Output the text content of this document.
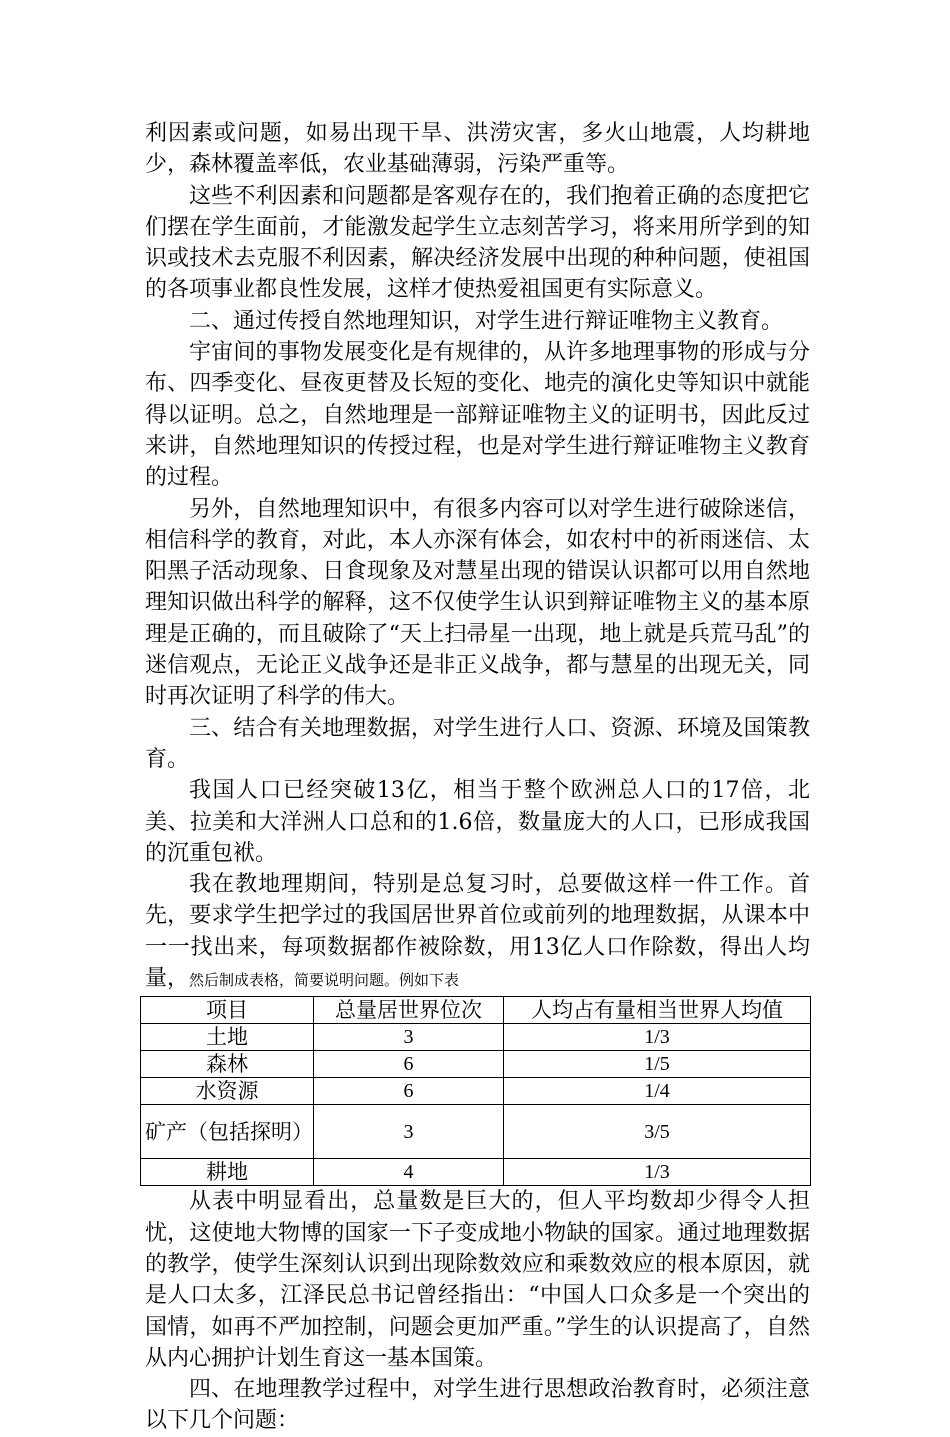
利因素或问题，如易出现干旱、洪涝灾害，多火山地震，人均耕地少，森林覆盖率低，农业基础薄弱，污染严重等。

这些不利因素和问题都是客观存在的，我们抱着正确的态度把它们摆在学生面前，才能激发起学生立志刻苦学习，将来用所学到的知识或技术去克服不利因素，解决经济发展中出现的种种问题，使祖国的各项事业都良性发展，这样才使热爱祖国更有实际意义。

二、通过传授自然地理知识，对学生进行辩证唯物主义教育。

宇宙间的事物发展变化是有规律的，从许多地理事物的形成与分布、四季变化、昼夜更替及长短的变化、地壳的演化史等知识中就能得以证明。总之，自然地理是一部辩证唯物主义的证明书，因此反过来讲，自然地理知识的传授过程，也是对学生进行辩证唯物主义教育的过程。

另外，自然地理知识中，有很多内容可以对学生进行破除迷信，相信科学的教育，对此，本人亦深有体会，如农村中的祈雨迷信、太阳黑子活动现象、日食现象及对慧星出现的错误认识都可以用自然地理知识做出科学的解释，这不仅使学生认识到辩证唯物主义的基本原理是正确的，而且破除了“天上扫帚星一出现，地上就是兵荒马乱”的迷信观点，无论正义战争还是非正义战争，都与慧星的出现无关，同时再次证明了科学的伟大。

三、结合有关地理数据，对学生进行人口、资源、环境及国策教育。

我国人口已经突破13亿，相当于整个欧洲总人口的17倍，北美、拉美和大洋洲人口总和的1.6倍，数量庞大的人口，已形成我国的沉重包袱。

我在教地理期间，特别是总复习时，总要做这样一件工作。首先，要求学生把学过的我国居世界首位或前列的地理数据，从课本中一一找出来，每项数据都作被除数，用13亿人口作除数，得出人均量，然后制成表格，简要说明问题。例如下表

项目	总量居世界位次	人均占有量相当世界人均值
土地	3	1/3
森林	6	1/5
水资源	6	1/4
矿产（包括探明）	3	3/5
耕地	4	1/3

从表中明显看出，总量数是巨大的，但人平均数却少得令人担忧，这使地大物博的国家一下子变成地小物缺的国家。通过地理数据的教学，使学生深刻认识到出现除数效应和乘数效应的根本原因，就是人口太多，江泽民总书记曾经指出：“中国人口众多是一个突出的国情，如再不严加控制，问题会更加严重。”学生的认识提高了，自然从内心拥护计划生育这一基本国策。

四、在地理教学过程中，对学生进行思想政治教育时，必须注意以下几个问题：
